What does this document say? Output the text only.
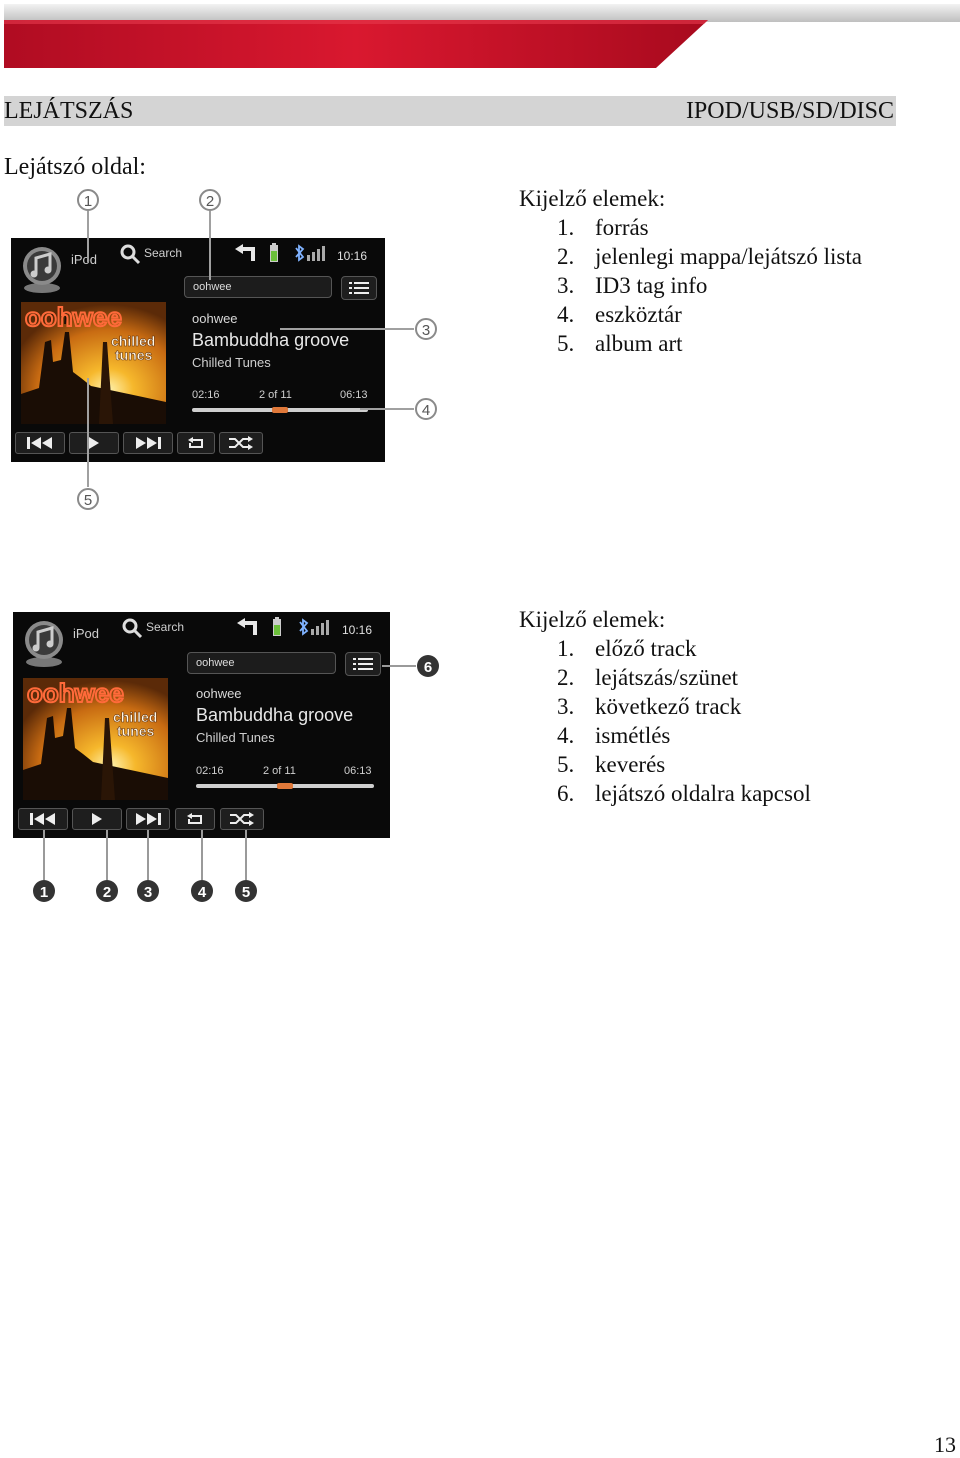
LEJÁTSZÁS	IPOD/USB/SD/DISC
Lejátszó oldal:
Kijelző elemek:
1. forrás
2. jelenlegi mappa/lejátszó lista
3. ID3 tag info
4. eszköztár
5. album art
Kijelző elemek:
1. előző track
2. lejátszás/szünet
3. következő track
4. ismétlés
5. keverés
6. lejátszó oldalra kapcsol
iPod	Search	10:16
oohwee
oohwee
chilled
tunes
oohwee
Bambuddha groove
Chilled Tunes
02:16	2 of 11	06:13
iPod	Search	10:16
oohwee
oohwee
chilled
tunes
oohwee
Bambuddha groove
Chilled Tunes
02:16	2 of 11	06:13
1	2
3
4
5
1	2 3	4 5
6
13
